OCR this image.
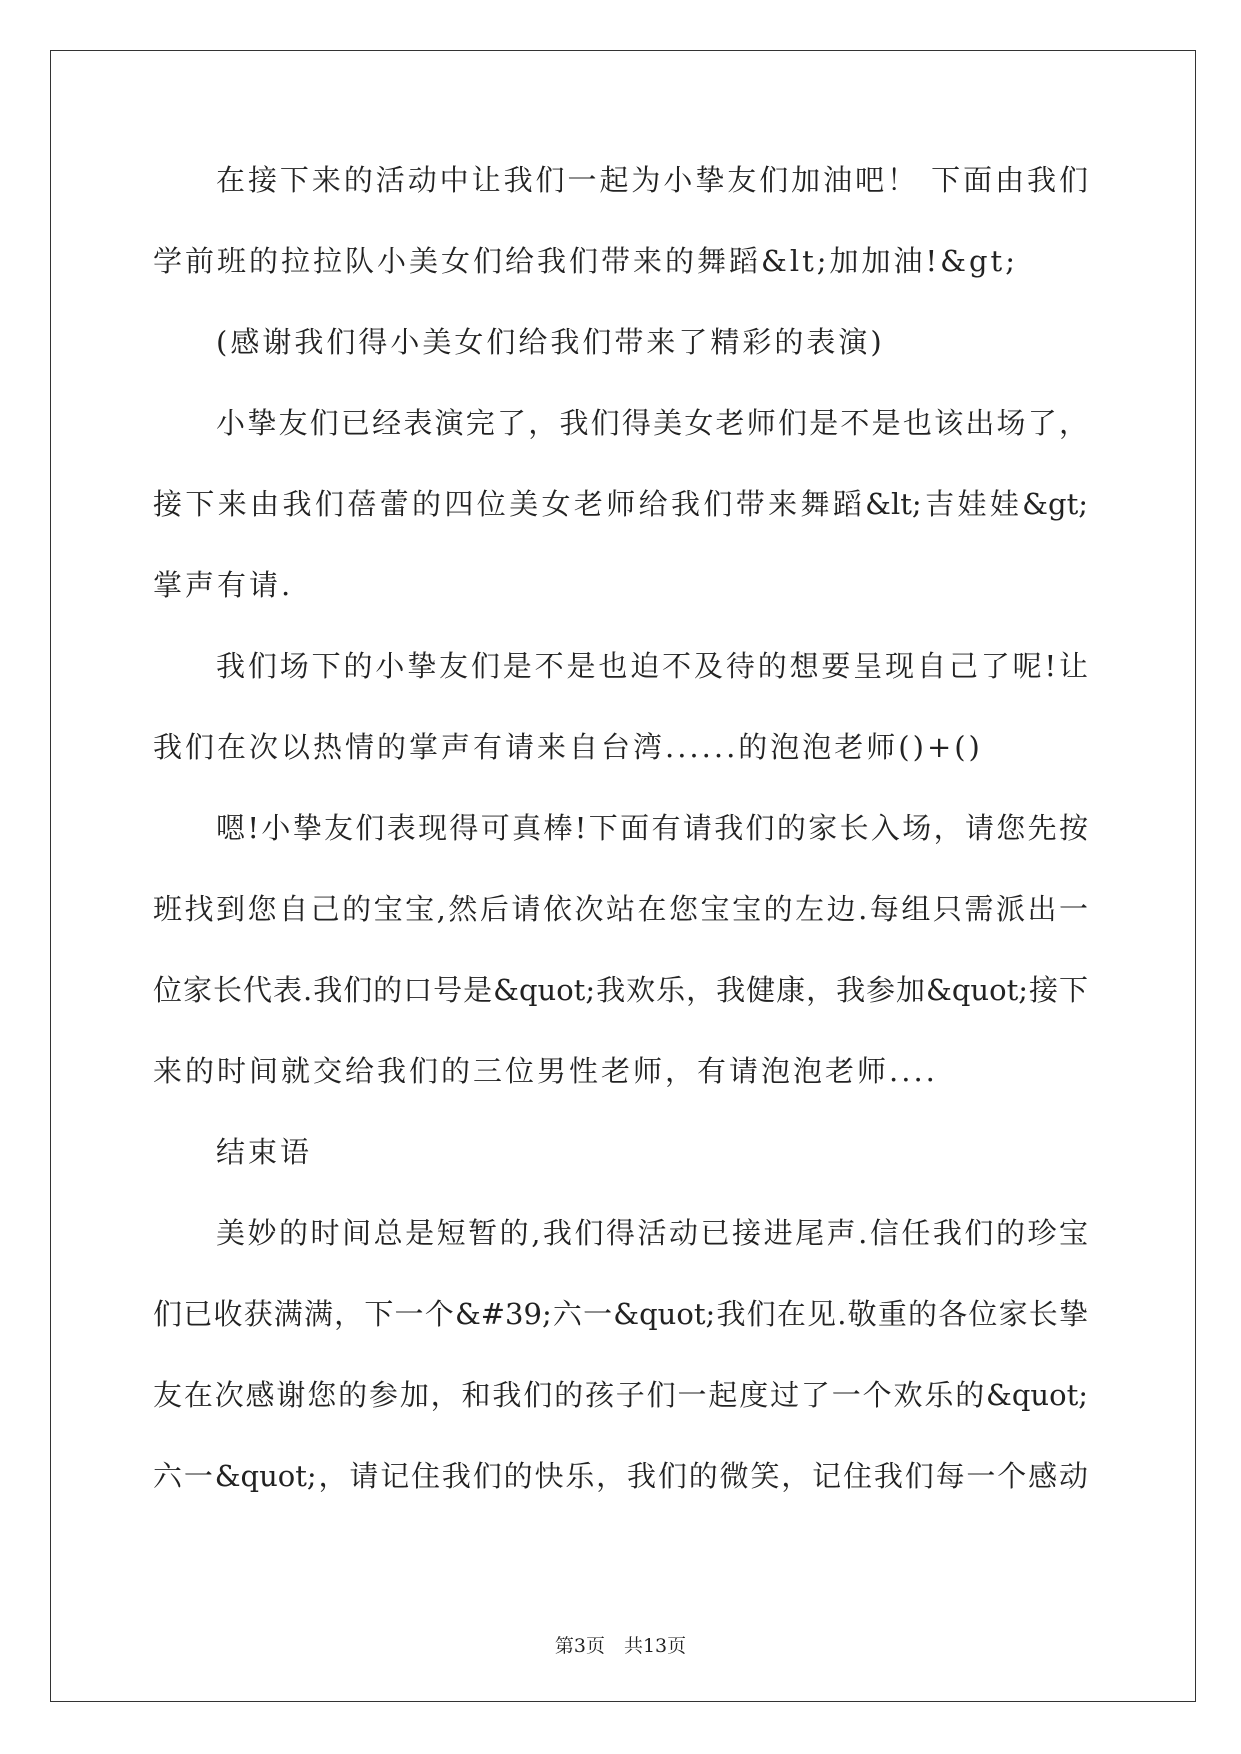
在接下来的活动中让我们一起为小挚友们加油吧！ 下面由我们
学前班的拉拉队小美女们给我们带来的舞蹈&lt;加加油!&gt;
(感谢我们得小美女们给我们带来了精彩的表演)
小挚友们已经表演完了，我们得美女老师们是不是也该出场了，
接下来由我们蓓蕾的四位美女老师给我们带来舞蹈&lt;吉娃娃&gt;
掌声有请.
我们场下的小挚友们是不是也迫不及待的想要呈现自己了呢!让
我们在次以热情的掌声有请来自台湾......的泡泡老师()+()
嗯!小挚友们表现得可真棒!下面有请我们的家长入场，请您先按
班找到您自己的宝宝,然后请依次站在您宝宝的左边.每组只需派出一
位家长代表.我们的口号是&quot;我欢乐，我健康，我参加&quot;接下
来的时间就交给我们的三位男性老师，有请泡泡老师....
结束语
美妙的时间总是短暂的,我们得活动已接进尾声.信任我们的珍宝
们已收获满满，下一个&#39;六一&quot;我们在见.敬重的各位家长挚
友在次感谢您的参加，和我们的孩子们一起度过了一个欢乐的&quot;
六一&quot;，请记住我们的快乐，我们的微笑，记住我们每一个感动
第3页　共13页
